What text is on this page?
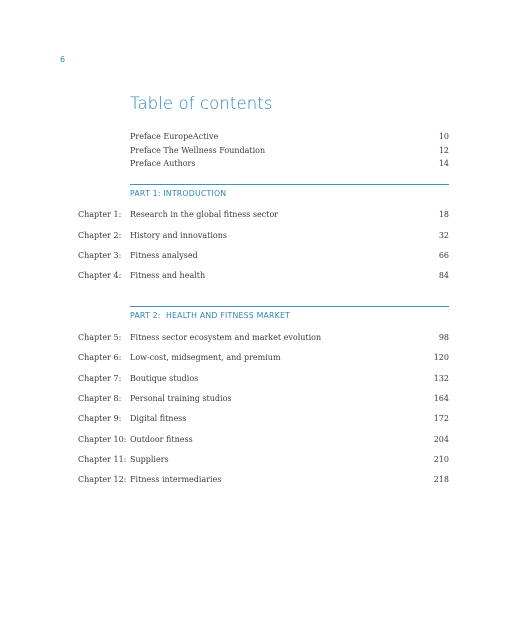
6
Table of contents
Preface EuropeActive	10
Preface The Wellness Foundation	12
Preface Authors	14
PART 1: INTRODUCTION
Chapter 1: Research in the global fitness sector	18
Chapter 2: History and innovations	32
Chapter 3: Fitness analysed	66
Chapter 4: Fitness and health	84
PART 2:  HEALTH AND FITNESS MARKET
Chapter 5: Fitness sector ecosystem and market evolution	98
Chapter 6: Low-cost, midsegment, and premium	120
Chapter 7: Boutique studios	132
Chapter 8: Personal training studios	164
Chapter 9: Digital fitness	172
Chapter 10: Outdoor fitness	204
Chapter 11: Suppliers	210
Chapter 12: Fitness intermediaries	218
